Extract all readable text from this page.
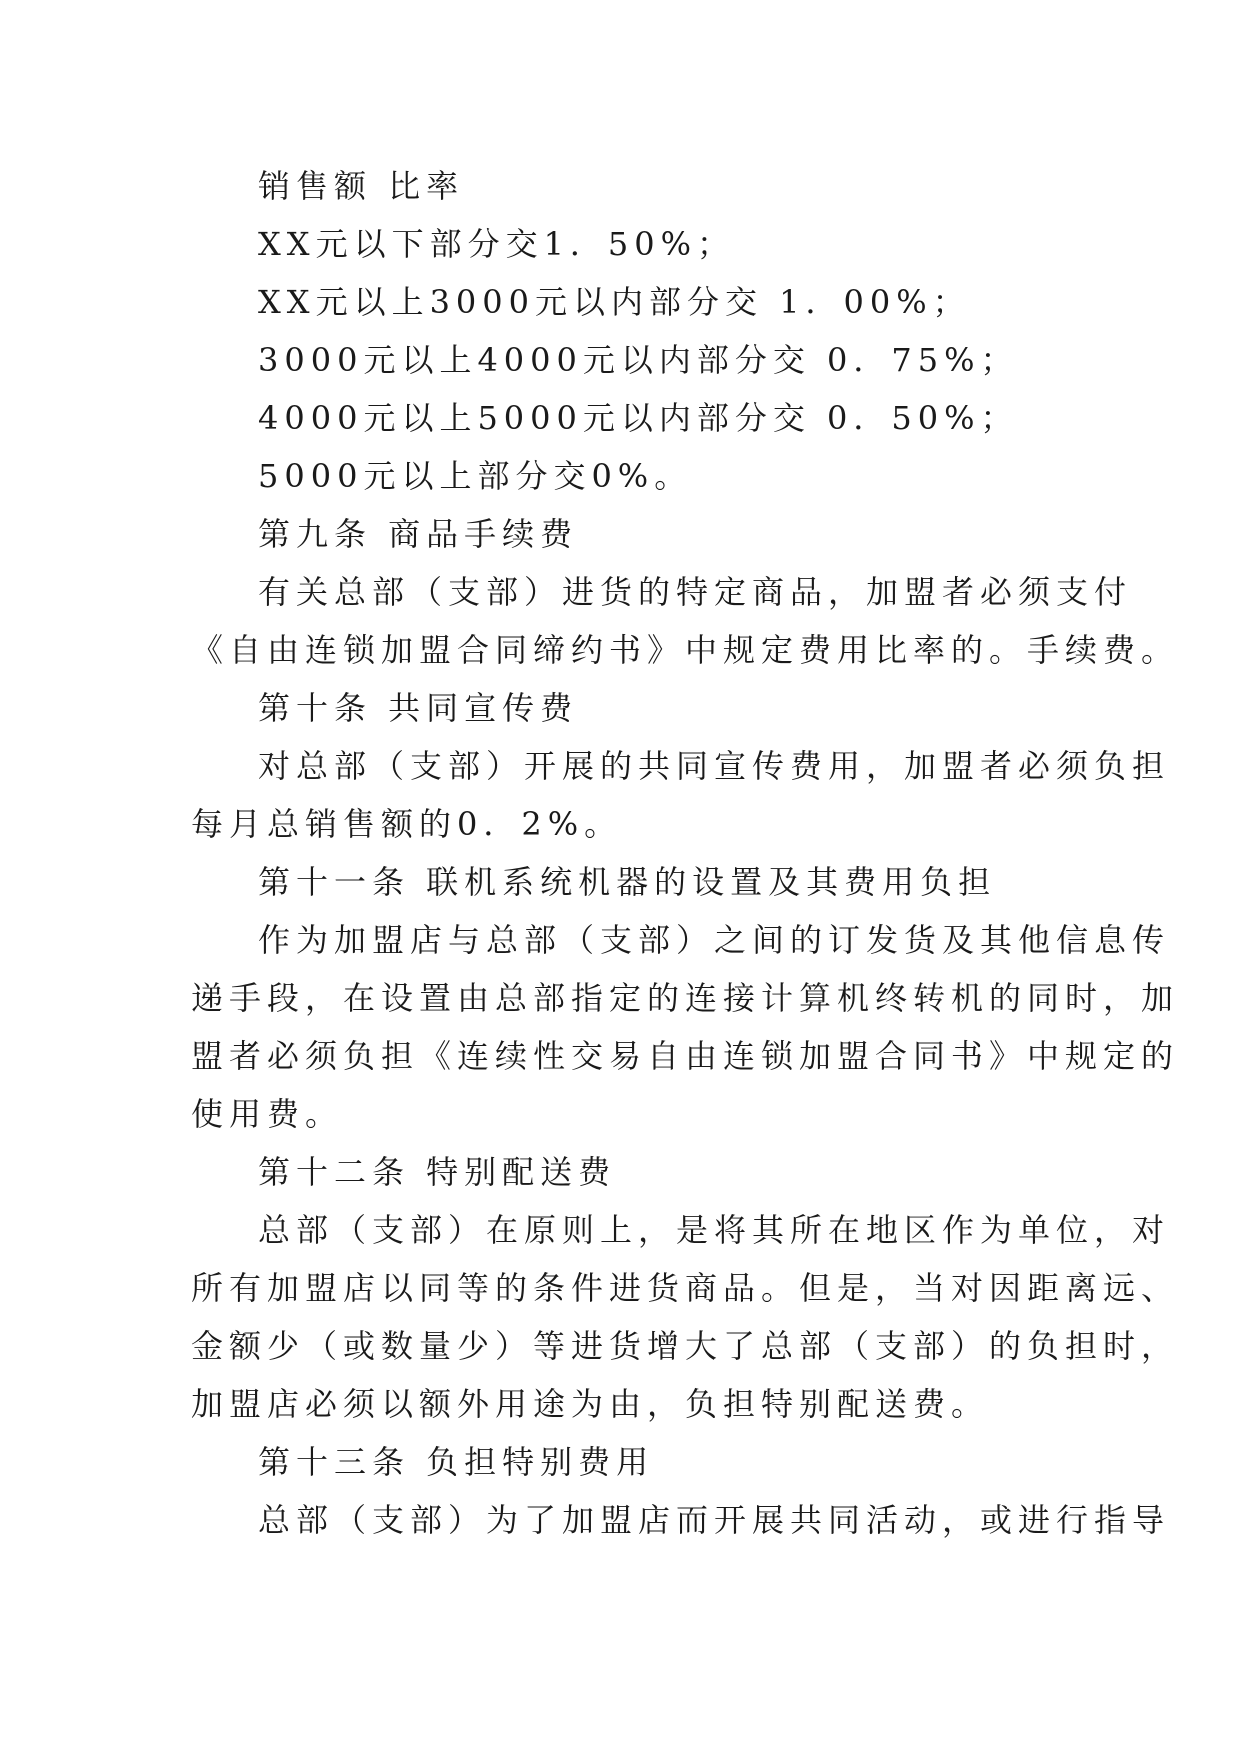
销售额 比率
XX元以下部分交1．50%；
XX元以上3000元以内部分交 1．00%；
3000元以上4000元以内部分交 0．75%；
4000元以上5000元以内部分交 0．50%；
5000元以上部分交0%。
第九条 商品手续费
有关总部（支部）进货的特定商品，加盟者必须支付
《自由连锁加盟合同缔约书》中规定费用比率的。手续费。
第十条 共同宣传费
对总部（支部）开展的共同宣传费用，加盟者必须负担
每月总销售额的0．2%。
第十一条 联机系统机器的设置及其费用负担
作为加盟店与总部（支部）之间的订发货及其他信息传
递手段，在设置由总部指定的连接计算机终转机的同时，加
盟者必须负担《连续性交易自由连锁加盟合同书》中规定的
使用费。
第十二条 特别配送费
总部（支部）在原则上，是将其所在地区作为单位，对
所有加盟店以同等的条件进货商品。但是，当对因距离远、
金额少（或数量少）等进货增大了总部（支部）的负担时，
加盟店必须以额外用途为由，负担特别配送费。
第十三条 负担特别费用
总部（支部）为了加盟店而开展共同活动，或进行指导
